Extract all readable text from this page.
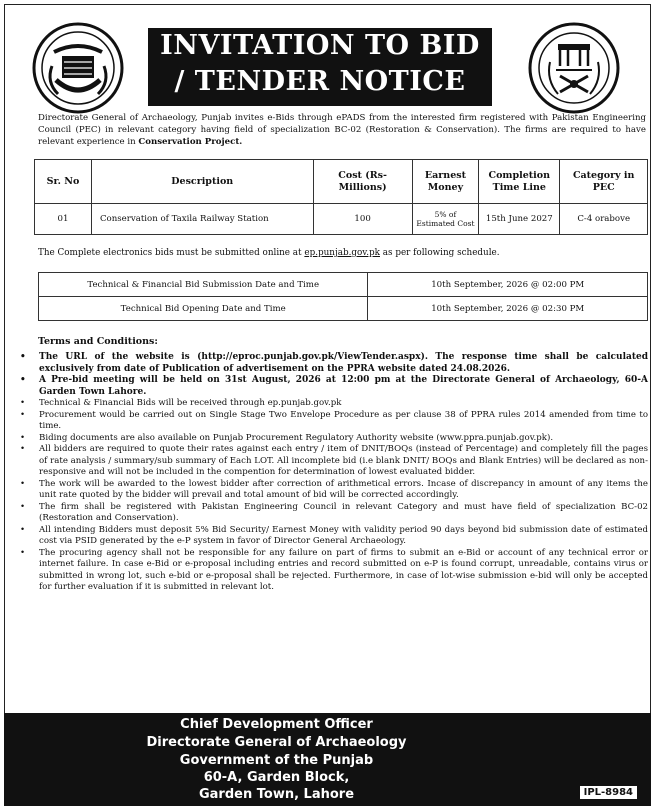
INVITATION TO BID
/ TENDER NOTICE
Directorate General of Archaeology, Punjab invites e-Bids through ePADS from the interested firm registered with Pakistan Engineering Council (PEC) in relevant category having field of specialization BC-02 (Restoration & Conservation). The firms are required to have relevant experience in Conservation Project.
Sr. No	Description	Cost (Rs-Millions)	Earnest Money	Completion Time Line	Category in PEC
01	Conservation of Taxila Railway Station	100	5% of Estimated Cost	15th June 2027	C-4 orabove
The Complete electronics bids must be submitted online at ep.punjab.gov.pk as per following schedule.
Technical & Financial Bid Submission Date and Time	10th September, 2026 @ 02:00 PM
Technical Bid Opening Date and Time	10th September, 2026 @ 02:30 PM
Terms and Conditions:
• The URL of the website is (http://eproc.punjab.gov.pk/ViewTender.aspx). The response time shall be calculated exclusively from date of Publication of advertisement on the PPRA website dated 24.08.2026.
• A Pre-bid meeting will be held on 31st August, 2026 at 12:00 pm at the Directorate General of Archaeology, 60-A Garden Town Lahore.
• Technical & Financial Bids will be received through ep.punjab.gov.pk
• Procurement would be carried out on Single Stage Two Envelope Procedure as per clause 38 of PPRA rules 2014 amended from time to time.
• Biding documents are also available on Punjab Procurement Regulatory Authority website (www.ppra.punjab.gov.pk).
• All bidders are required to quote their rates against each entry / item of DNIT/BOQs (instead of Percentage) and completely fill the pages of rate analysis / summary/sub summary of Each LOT. All incomplete bid (i.e blank DNIT/ BOQs and Blank Entries) will be declared as non- responsive and will not be included in the compention for determination of lowest evaluated bidder.
• The work will be awarded to the lowest bidder after correction of arithmetical errors. Incase of discrepancy in amount of any items the unit rate quoted by the bidder will prevail and total amount of bid will be corrected accordingly.
• The firm shall be registered with Pakistan Engineering Council in relevant Category and must have field of specialization BC-02 (Restoration and Conservation).
• All intending Bidders must deposit 5% Bid Security/ Earnest Money with validity period 90 days beyond bid submission date of estimated cost via PSID generated by the e-P system in favor of Director General Archaeology.
• The procuring agency shall not be responsible for any failure on part of firms to submit an e-Bid or account of any technical error or internet failure. In case e-Bid or e-proposal including entries and record submitted on e-P is found corrupt, unreadable, contains virus or submitted in wrong lot, such e-bid or e-proposal shall be rejected. Furthermore, in case of lot-wise submission e-bid will only be accepted for further evaluation if it is submitted in relevant lot.
Chief Development Officer
Directorate General of Archaeology
Government of the Punjab
60-A, Garden Block,
Garden Town, Lahore	IPL-8984
